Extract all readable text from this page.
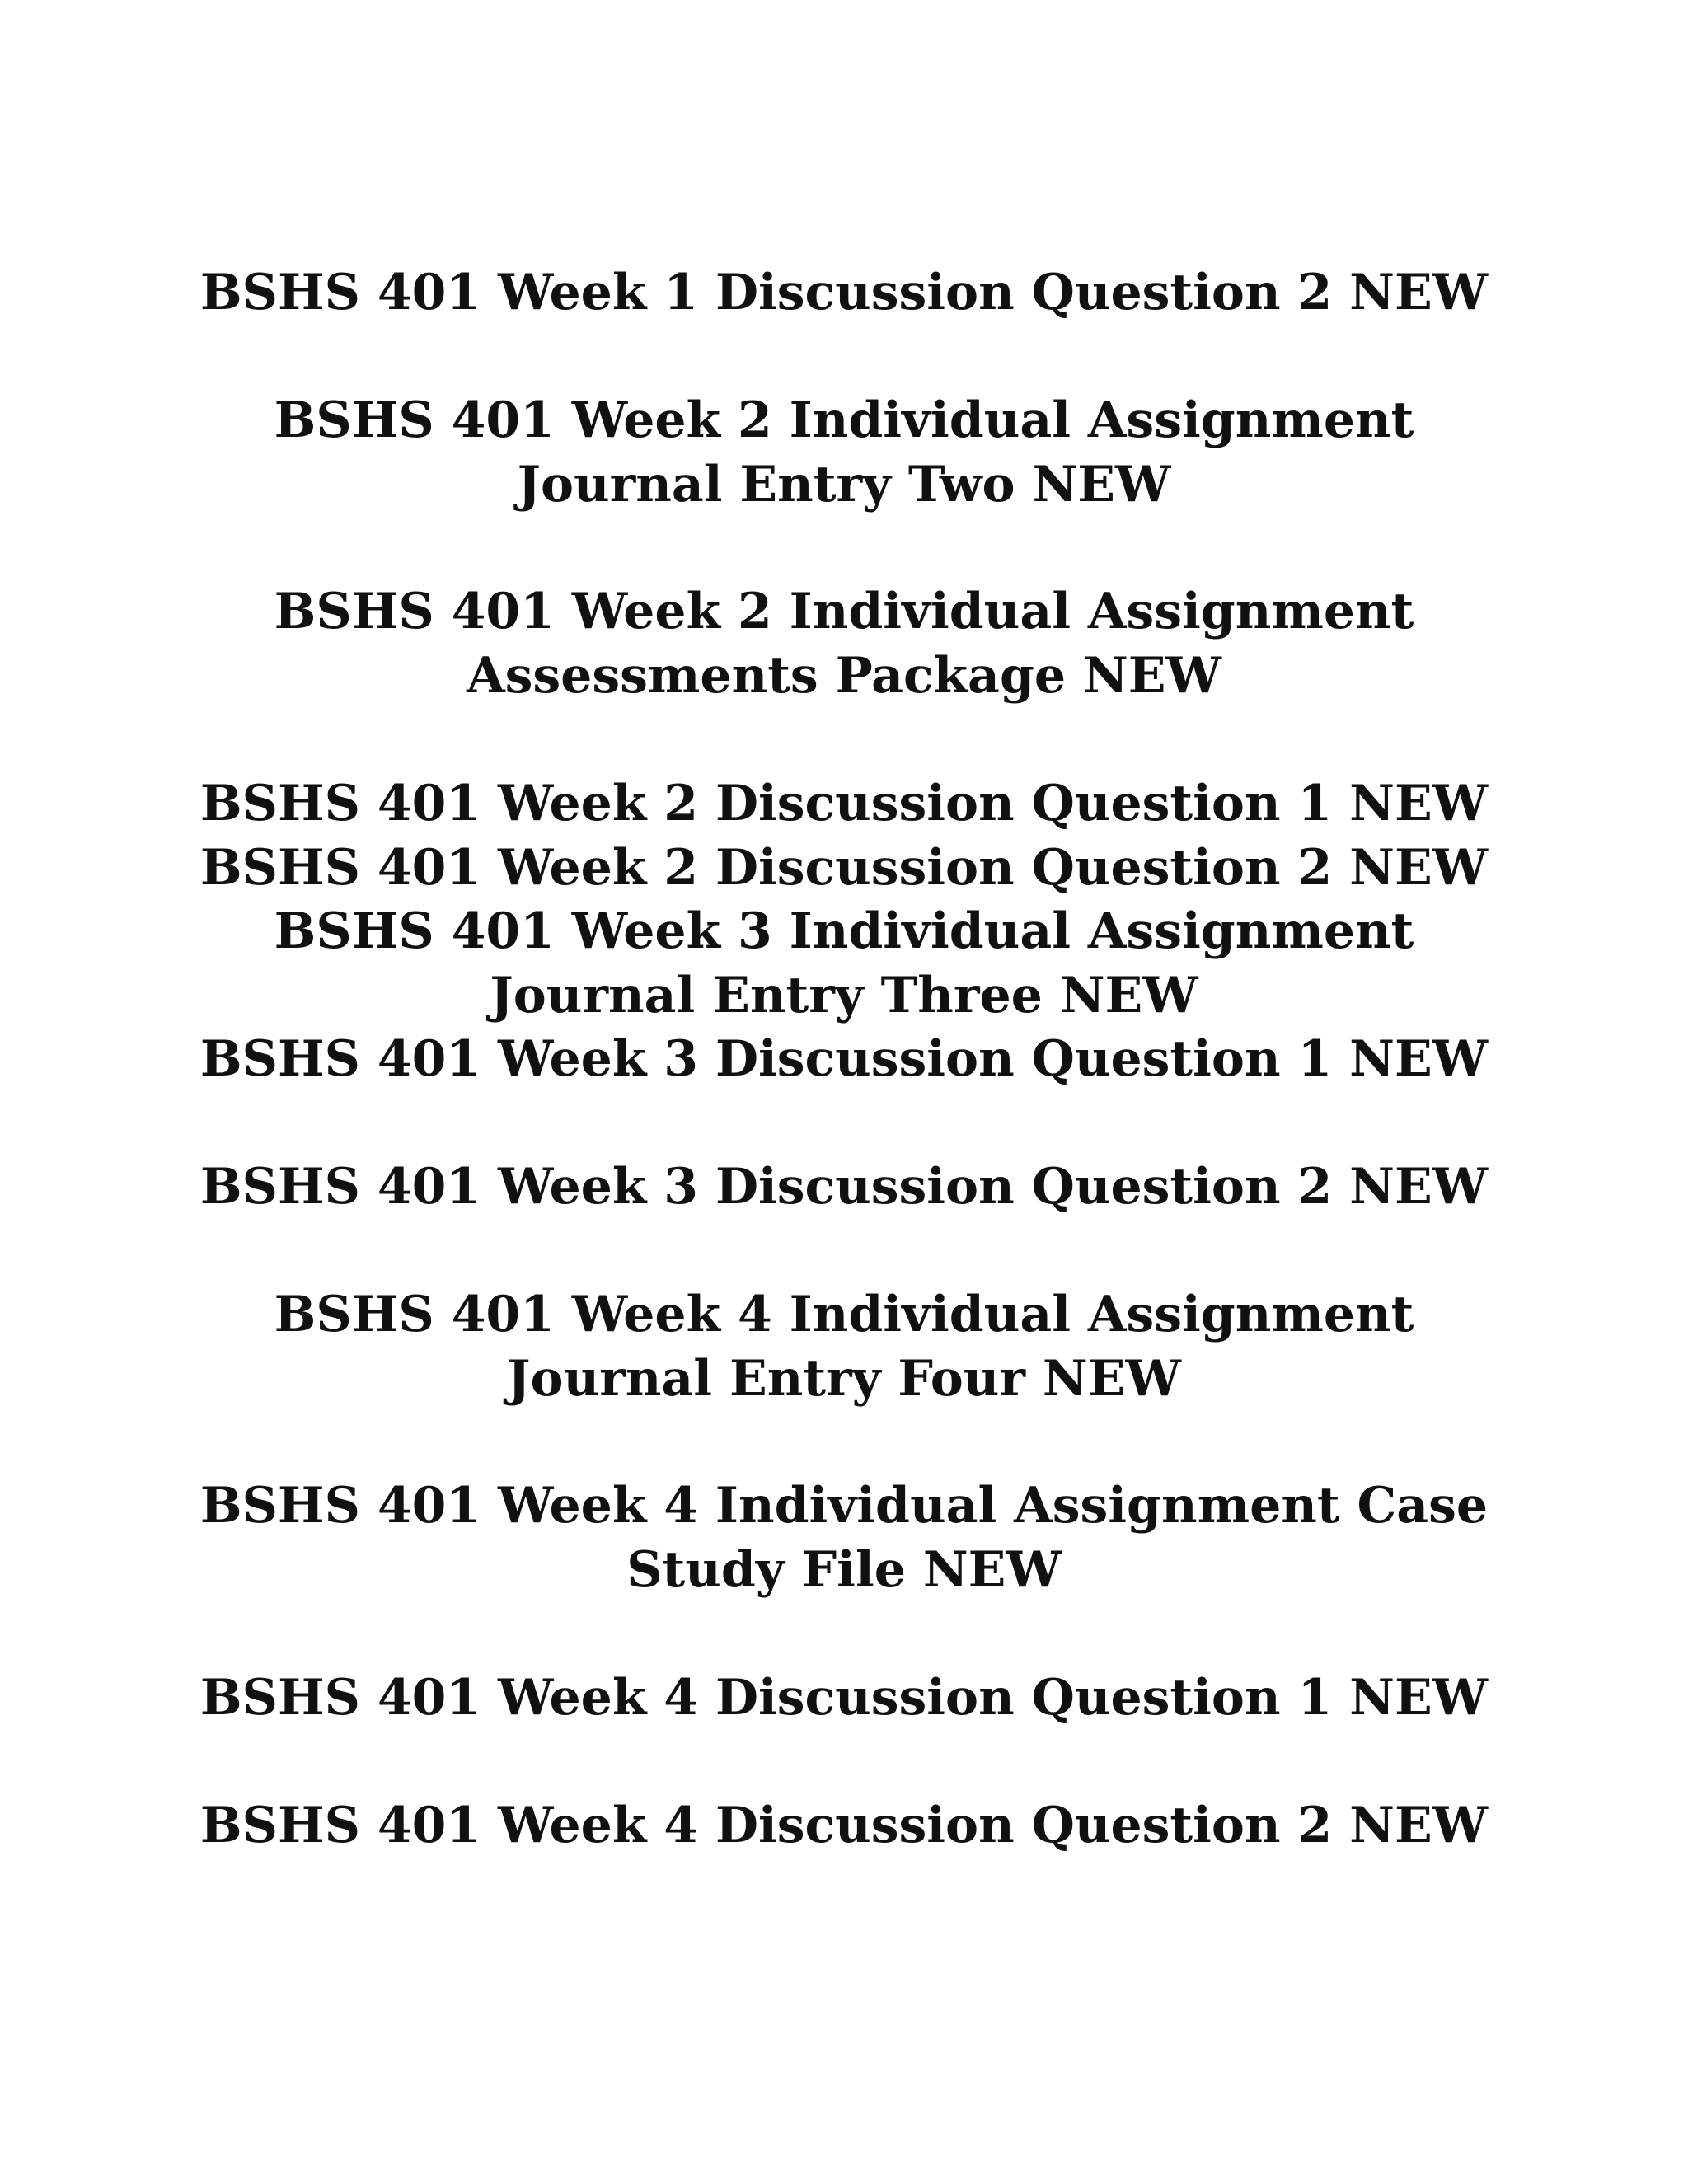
BSHS 401 Week 1 Discussion Question 2 NEW
BSHS 401 Week 2 Individual Assignment
Journal Entry Two NEW
BSHS 401 Week 2 Individual Assignment
Assessments Package NEW
BSHS 401 Week 2 Discussion Question 1 NEW
BSHS 401 Week 2 Discussion Question 2 NEW
BSHS 401 Week 3 Individual Assignment
Journal Entry Three NEW
BSHS 401 Week 3 Discussion Question 1 NEW
BSHS 401 Week 3 Discussion Question 2 NEW
BSHS 401 Week 4 Individual Assignment
Journal Entry Four NEW
BSHS 401 Week 4 Individual Assignment Case
Study File NEW
BSHS 401 Week 4 Discussion Question 1 NEW
BSHS 401 Week 4 Discussion Question 2 NEW
